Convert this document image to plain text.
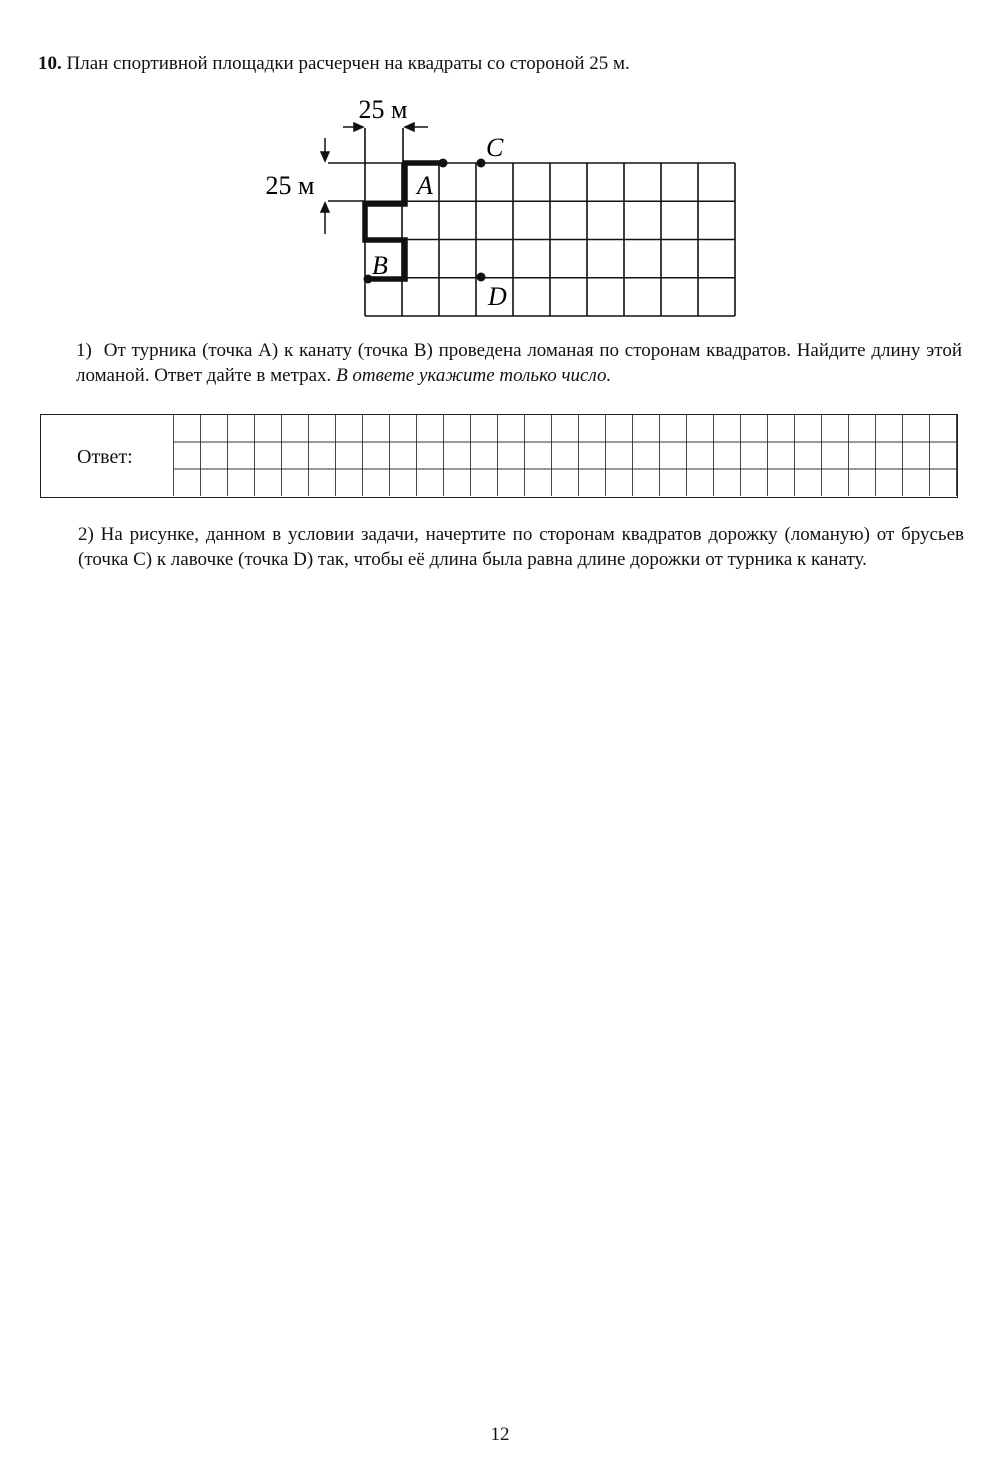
10. План спортивной площадки расчерчен на квадраты со стороной 25 м.
25 м
25 м	A
C
B
D
1) От турника (точка А) к канату (точка В) проведена ломаная по сторонам квадратов. Найдите длину этой ломаной. Ответ дайте в метрах. В ответе укажите только число.
Ответ:
2) На рисунке, данном в условии задачи, начертите по сторонам квадратов дорожку (ломаную) от брусьев (точка С) к лавочке (точка D) так, чтобы её длина была равна длине дорожки от турника к канату.
12
